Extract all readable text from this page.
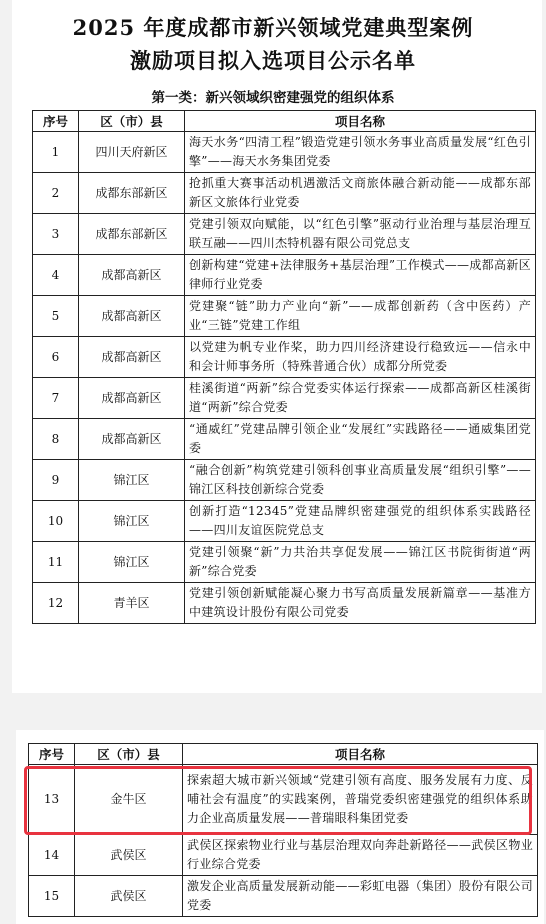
2025 年度成都市新兴领域党建典型案例
激励项目拟入选项目公示名单
第一类：新兴领域织密建强党的组织体系
序号	区（市）县	项目名称
1	四川天府新区	海天水务“四清工程”锻造党建引领水务事业高质量发展“红色引擎”——海天水务集团党委
2	成都东部新区	抢抓重大赛事活动机遇激活文商旅体融合新动能——成都东部新区文旅体行业党委
3	成都东部新区	党建引领双向赋能，以“红色引擎”驱动行业治理与基层治理互联互融——四川杰特机器有限公司党总支
4	成都高新区	创新构建“党建+法律服务+基层治理”工作模式——成都高新区律师行业党委
5	成都高新区	党建聚“链”助力产业向“新”——成都创新药（含中医药）产业“三链”党建工作组
6	成都高新区	以党建为帆专业作桨，助力四川经济建设行稳致远——信永中和会计师事务所（特殊普通合伙）成都分所党委
7	成都高新区	桂溪街道“两新”综合党委实体运行探索——成都高新区桂溪街道“两新”综合党委
8	成都高新区	“通威红”党建品牌引领企业“发展红”实践路径——通威集团党委
9	锦江区	“融合创新”构筑党建引领科创事业高质量发展“组织引擎”——锦江区科技创新综合党委
10	锦江区	创新打造“12345”党建品牌织密建强党的组织体系实践路径——四川友谊医院党总支
11	锦江区	党建引领聚“新”力共治共享促发展——锦江区书院街街道“两新”综合党委
12	青羊区	党建引领创新赋能凝心聚力书写高质量发展新篇章——基准方中建筑设计股份有限公司党委
序号	区（市）县	项目名称
13	金牛区	探索超大城市新兴领域“党建引领有高度、服务发展有力度、反哺社会有温度”的实践案例，普瑞党委织密建强党的组织体系助力企业高质量发展——普瑞眼科集团党委
14	武侯区	武侯区探索物业行业与基层治理双向奔赴新路径——武侯区物业行业综合党委
15	武侯区	激发企业高质量发展新动能——彩虹电器（集团）股份有限公司党委
